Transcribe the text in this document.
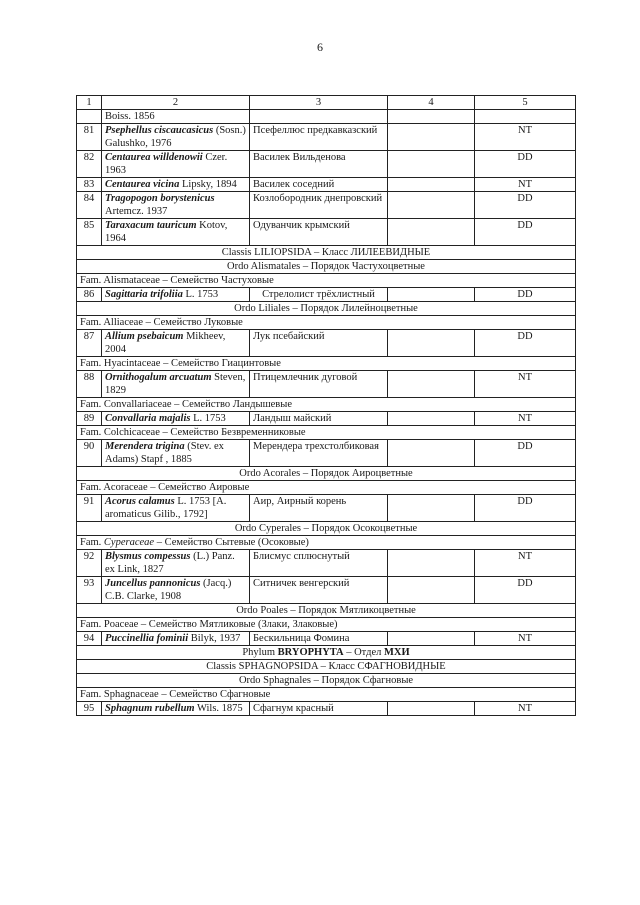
6
1	2	3	4	5
	Boiss. 1856			
81	Psephellus ciscaucasicus (Sosn.) Galushko, 1976	Псефеллюс предкавказский		NT
82	Centaurea willdenowii Czer. 1963	Василек Вильденова		DD
83	Centaurea vicina Lipsky, 1894	Василек соседний		NT
84	Tragopogon borystenicus Artemcz. 1937	Козлобородник днепровский		DD
85	Taraxacum tauricum Kotov, 1964	Одуванчик крымский		DD
Classis LILIOPSIDA – Класс ЛИЛЕЕВИДНЫЕ				
Ordo Alismatales – Порядок Частухоцветные				
Fam. Alismataceae – Семейство Частуховые				
86	Sagittaria trifoliia L. 1753	Стрелолист трёхлистный		DD
Ordo Liliales – Порядок Лилейноцветные				
Fam. Alliaceae – Семейство Луковые				
87	Allium psebaicum Mikheev, 2004	Лук псебайский		DD
Fam. Hyacintaceae – Семейство Гиацинтовые				
88	Ornithogalum arcuatum Steven, 1829	Птицемлечник дуговой		NT
Fam. Convallariaceae – Семейство Ландышевые				
89	Convallaria majalis L. 1753	Ландыш майский		NT
Fam. Colchicaceae – Семейство Безвременниковые				
90	Merendera trigina (Stev. ex Adams) Stapf , 1885	Мерендера трехстолбиковая		DD
Ordo Acorales – Порядок Аироцветные				
Fam. Acoraceae – Семейство Аировые				
91	Acorus calamus L. 1753 [A. aromaticus Gilib., 1792]	Аир, Аирный корень		DD
Ordo Cyperales – Порядок Осокоцветные				
Fam. Cyperaceae – Семейство Сытевые (Осоковые)				
92	Blysmus compessus (L.) Panz. ex Link, 1827	Блисмус сплюснутый		NT
93	Juncellus pannonicus (Jacq.) C.B. Clarke, 1908	Ситничек венгерский		DD
Ordo Poales – Порядок Мятликоцветные				
Fam. Poaceae – Семейство Мятликовые (Злаки, Злаковые)				
94	Puccinellia fominii Bilyk, 1937	Бескильница Фомина		NT
Phylum BRYOPHYTA – Отдел МХИ				
Classis SPHAGNOPSIDA – Класс СФАГНОВИДНЫЕ				
Ordo Sphagnales – Порядок Сфагновые				
Fam. Sphagnaceae – Семейство Сфагновые				
95	Sphagnum rubellum Wils. 1875	Сфагнум красный		NT
